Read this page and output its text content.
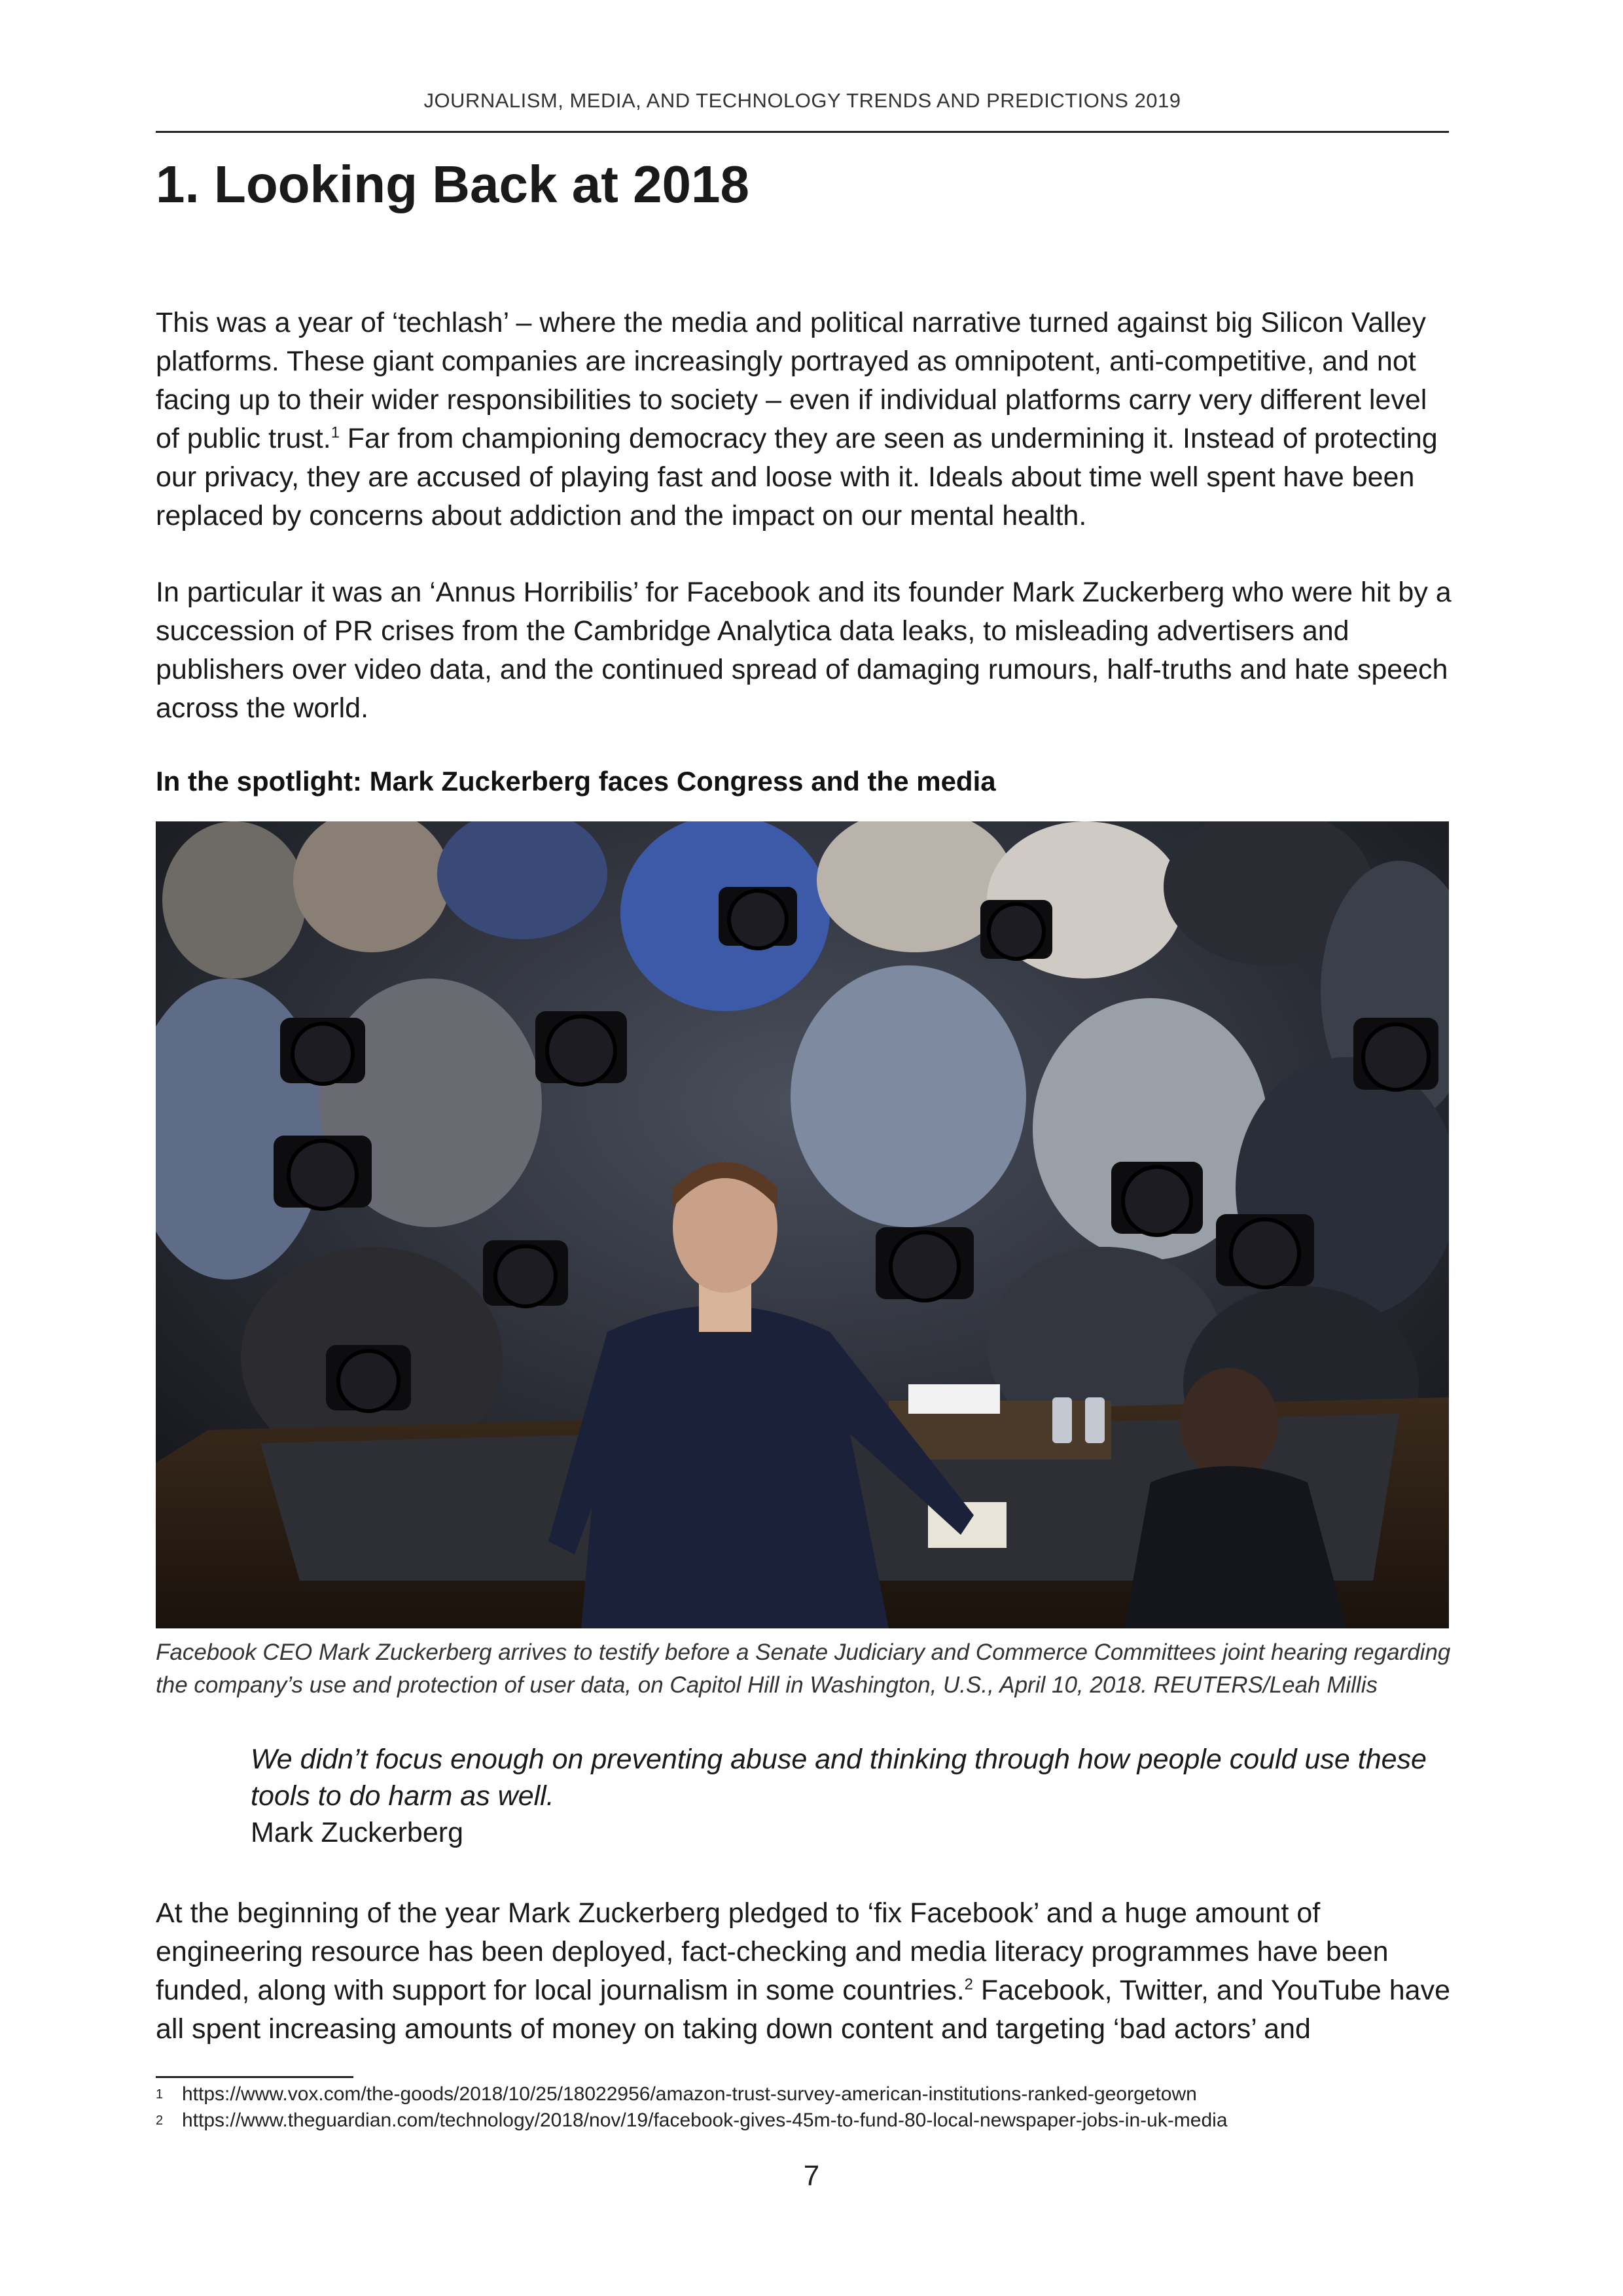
JOURNALISM, MEDIA, AND TECHNOLOGY TRENDS AND PREDICTIONS 2019
1. Looking Back at 2018

This was a year of ‘techlash’ – where the media and political narrative turned against big Silicon Valley platforms. These giant companies are increasingly portrayed as omnipotent, anti-competitive, and not facing up to their wider responsibilities to society – even if individual platforms carry very different level of public trust.$^1$ Far from championing democracy they are seen as undermining it. Instead of protecting our privacy, they are accused of playing fast and loose with it. Ideals about time well spent have been replaced by concerns about addiction and the impact on our mental health.

In particular it was an ‘Annus Horribilis’ for Facebook and its founder Mark Zuckerberg who were hit by a succession of PR crises from the Cambridge Analytica data leaks, to misleading advertisers and publishers over video data, and the continued spread of damaging rumours, half-truths and hate speech across the world.

In the spotlight: Mark Zuckerberg faces Congress and the media

Facebook CEO Mark Zuckerberg arrives to testify before a Senate Judiciary and Commerce Committees joint hearing regarding the company’s use and protection of user data, on Capitol Hill in Washington, U.S., April 10, 2018. REUTERS/Leah Millis

We didn’t focus enough on preventing abuse and thinking through how people could use these tools to do harm as well.

Mark Zuckerberg

At the beginning of the year Mark Zuckerberg pledged to ‘fix Facebook’ and a huge amount of engineering resource has been deployed, fact-checking and media literacy programmes have been funded, along with support for local journalism in some countries.$^2$ Facebook, Twitter, and YouTube have all spent increasing amounts of money on taking down content and targeting ‘bad actors’ and

1 https://www.vox.com/the-goods/2018/10/25/18022956/amazon-trust-survey-american-institutions-ranked-georgetown
2 https://www.theguardian.com/technology/2018/nov/19/facebook-gives-45m-to-fund-80-local-newspaper-jobs-in-uk-media
7
